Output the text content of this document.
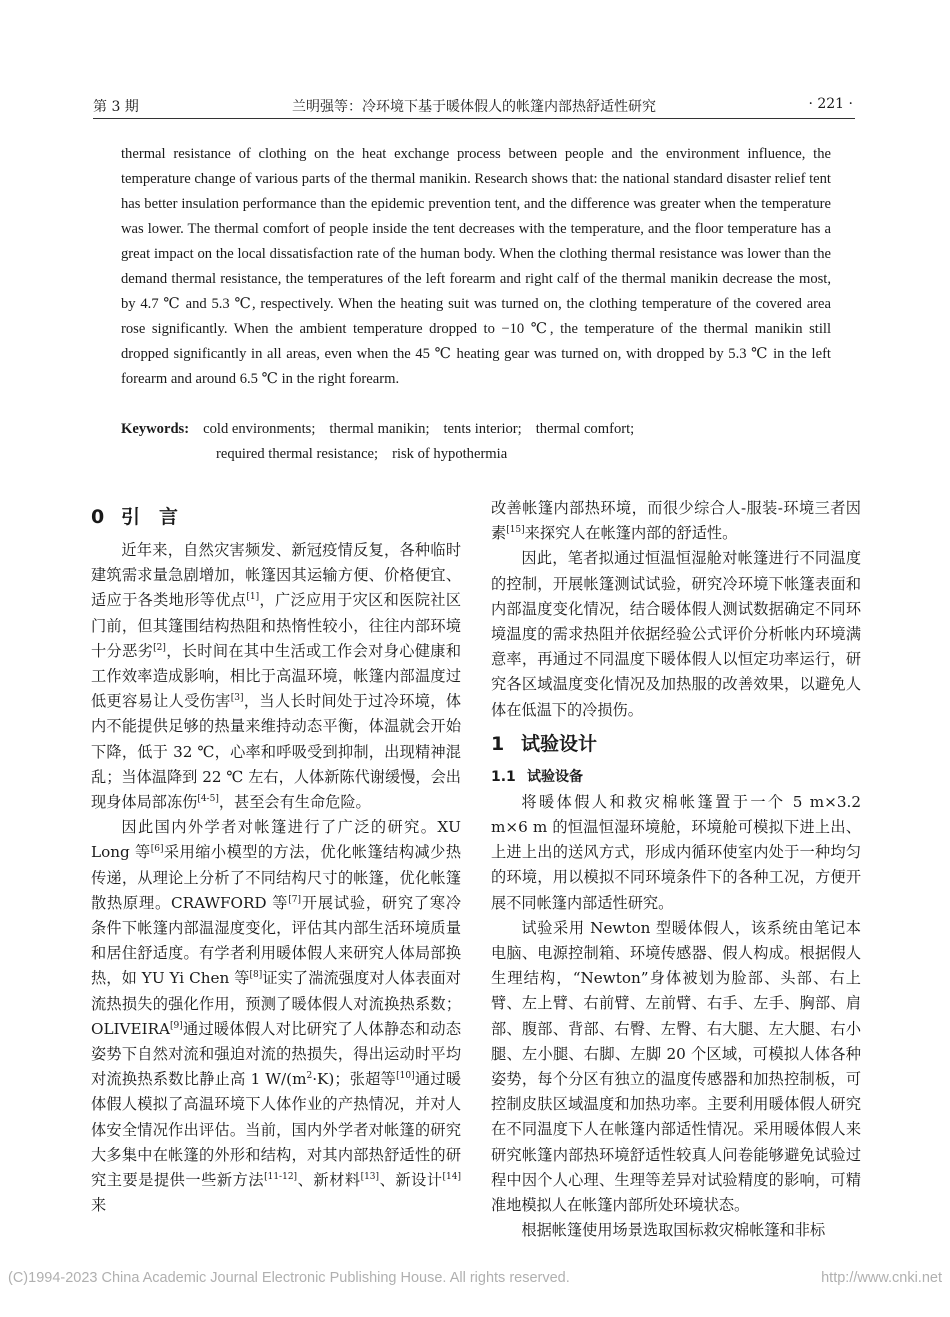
第 3 期	兰明强等：冷环境下基于暖体假人的帐篷内部热舒适性研究	· 221 ·

thermal resistance of clothing on the heat exchange process between people and the environment influence, the temperature change of various parts of the thermal manikin. Research shows that: the national standard disaster relief tent has better insulation performance than the epidemic prevention tent, and the difference was greater when the temperature was lower. The thermal comfort of people inside the tent decreases with the temperature, and the floor temperature has a great impact on the local dissatisfaction rate of the human body. When the clothing thermal resistance was lower than the demand thermal resistance, the temperatures of the left forearm and right calf of the thermal manikin decrease the most, by 4.7 ℃ and 5.3 ℃, respectively. When the heating suit was turned on, the clothing temperature of the covered area rose significantly. When the ambient temperature dropped to −10 ℃, the temperature of the thermal manikin still dropped significantly in all areas, even when the 45 ℃ heating gear was turned on, with dropped by 5.3 ℃ in the left forearm and around 6.5 ℃ in the right forearm.

Keywords: cold environments; thermal manikin; tents interior; thermal comfort;
required thermal resistance; risk of hypothermia
0 引　言

近年来，自然灾害频发、新冠疫情反复，各种临时建筑需求量急剧增加，帐篷因其运输方便、价格便宜、适应于各类地形等优点[1]，广泛应用于灾区和医院社区门前，但其篷围结构热阻和热惰性较小，往往内部环境十分恶劣[2]，长时间在其中生活或工作会对身心健康和工作效率造成影响，相比于高温环境，帐篷内部温度过低更容易让人受伤害[3]，当人长时间处于过冷环境，体内不能提供足够的热量来维持动态平衡，体温就会开始下降，低于 32 ℃，心率和呼吸受到抑制，出现精神混乱；当体温降到 22 ℃ 左右，人体新陈代谢缓慢，会出现身体局部冻伤[4-5]，甚至会有生命危险。

因此国内外学者对帐篷进行了广泛的研究。XU Long 等[6]采用缩小模型的方法，优化帐篷结构减少热传递，从理论上分析了不同结构尺寸的帐篷，优化帐篷散热原理。CRAWFORD 等[7]开展试验，研究了寒冷条件下帐篷内部温湿度变化，评估其内部生活环境质量和居住舒适度。有学者利用暖体假人来研究人体局部换热，如 YU Yi Chen 等[8]证实了湍流强度对人体表面对流热损失的强化作用，预测了暖体假人对流换热系数；OLIVEIRA[9]通过暖体假人对比研究了人体静态和动态姿势下自然对流和强迫对流的热损失，得出运动时平均对流换热系数比静止高 1 $W/(m^2\cdot K)$；张超等[10]通过暖体假人模拟了高温环境下人体作业的产热情况，并对人体安全情况作出评估。当前，国内外学者对帐篷的研究大多集中在帐篷的外形和结构，对其内部热舒适性的研究主要是提供一些新方法[11-12]、新材料[13]、新设计[14]来

改善帐篷内部热环境，而很少综合人-服装-环境三者因素[15]来探究人在帐篷内部的舒适性。

因此，笔者拟通过恒温恒湿舱对帐篷进行不同温度的控制，开展帐篷测试试验，研究冷环境下帐篷表面和内部温度变化情况，结合暖体假人测试数据确定不同环境温度的需求热阻并依据经验公式评价分析帐内环境满意率，再通过不同温度下暖体假人以恒定功率运行，研究各区域温度变化情况及加热服的改善效果，以避免人体在低温下的冷损伤。

1 试验设计
1.1 试验设备

将暖体假人和救灾棉帐篷置于一个 5 m×3.2 m×6 m 的恒温恒湿环境舱，环境舱可模拟下进上出、上进上出的送风方式，形成内循环使室内处于一种均匀的环境，用以模拟不同环境条件下的各种工况，方便开展不同帐篷内部适性研究。

试验采用 Newton 型暖体假人，该系统由笔记本电脑、电源控制箱、环境传感器、假人构成。根据假人生理结构，“Newton”身体被划为脸部、头部、右上臂、左上臂、右前臂、左前臂、右手、左手、胸部、肩部、腹部、背部、右臀、左臀、右大腿、左大腿、右小腿、左小腿、右脚、左脚 20 个区域，可模拟人体各种姿势，每个分区有独立的温度传感器和加热控制板，可控制皮肤区域温度和加热功率。主要利用暖体假人研究在不同温度下人在帐篷内部适性情况。采用暖体假人来研究帐篷内部热环境舒适性较真人问卷能够避免试验过程中因个人心理、生理等差异对试验精度的影响，可精准地模拟人在帐篷内部所处环境状态。

根据帐篷使用场景选取国标救灾棉帐篷和非标

(C)1994-2023 China Academic Journal Electronic Publishing House. All rights reserved.	http://www.cnki.net
